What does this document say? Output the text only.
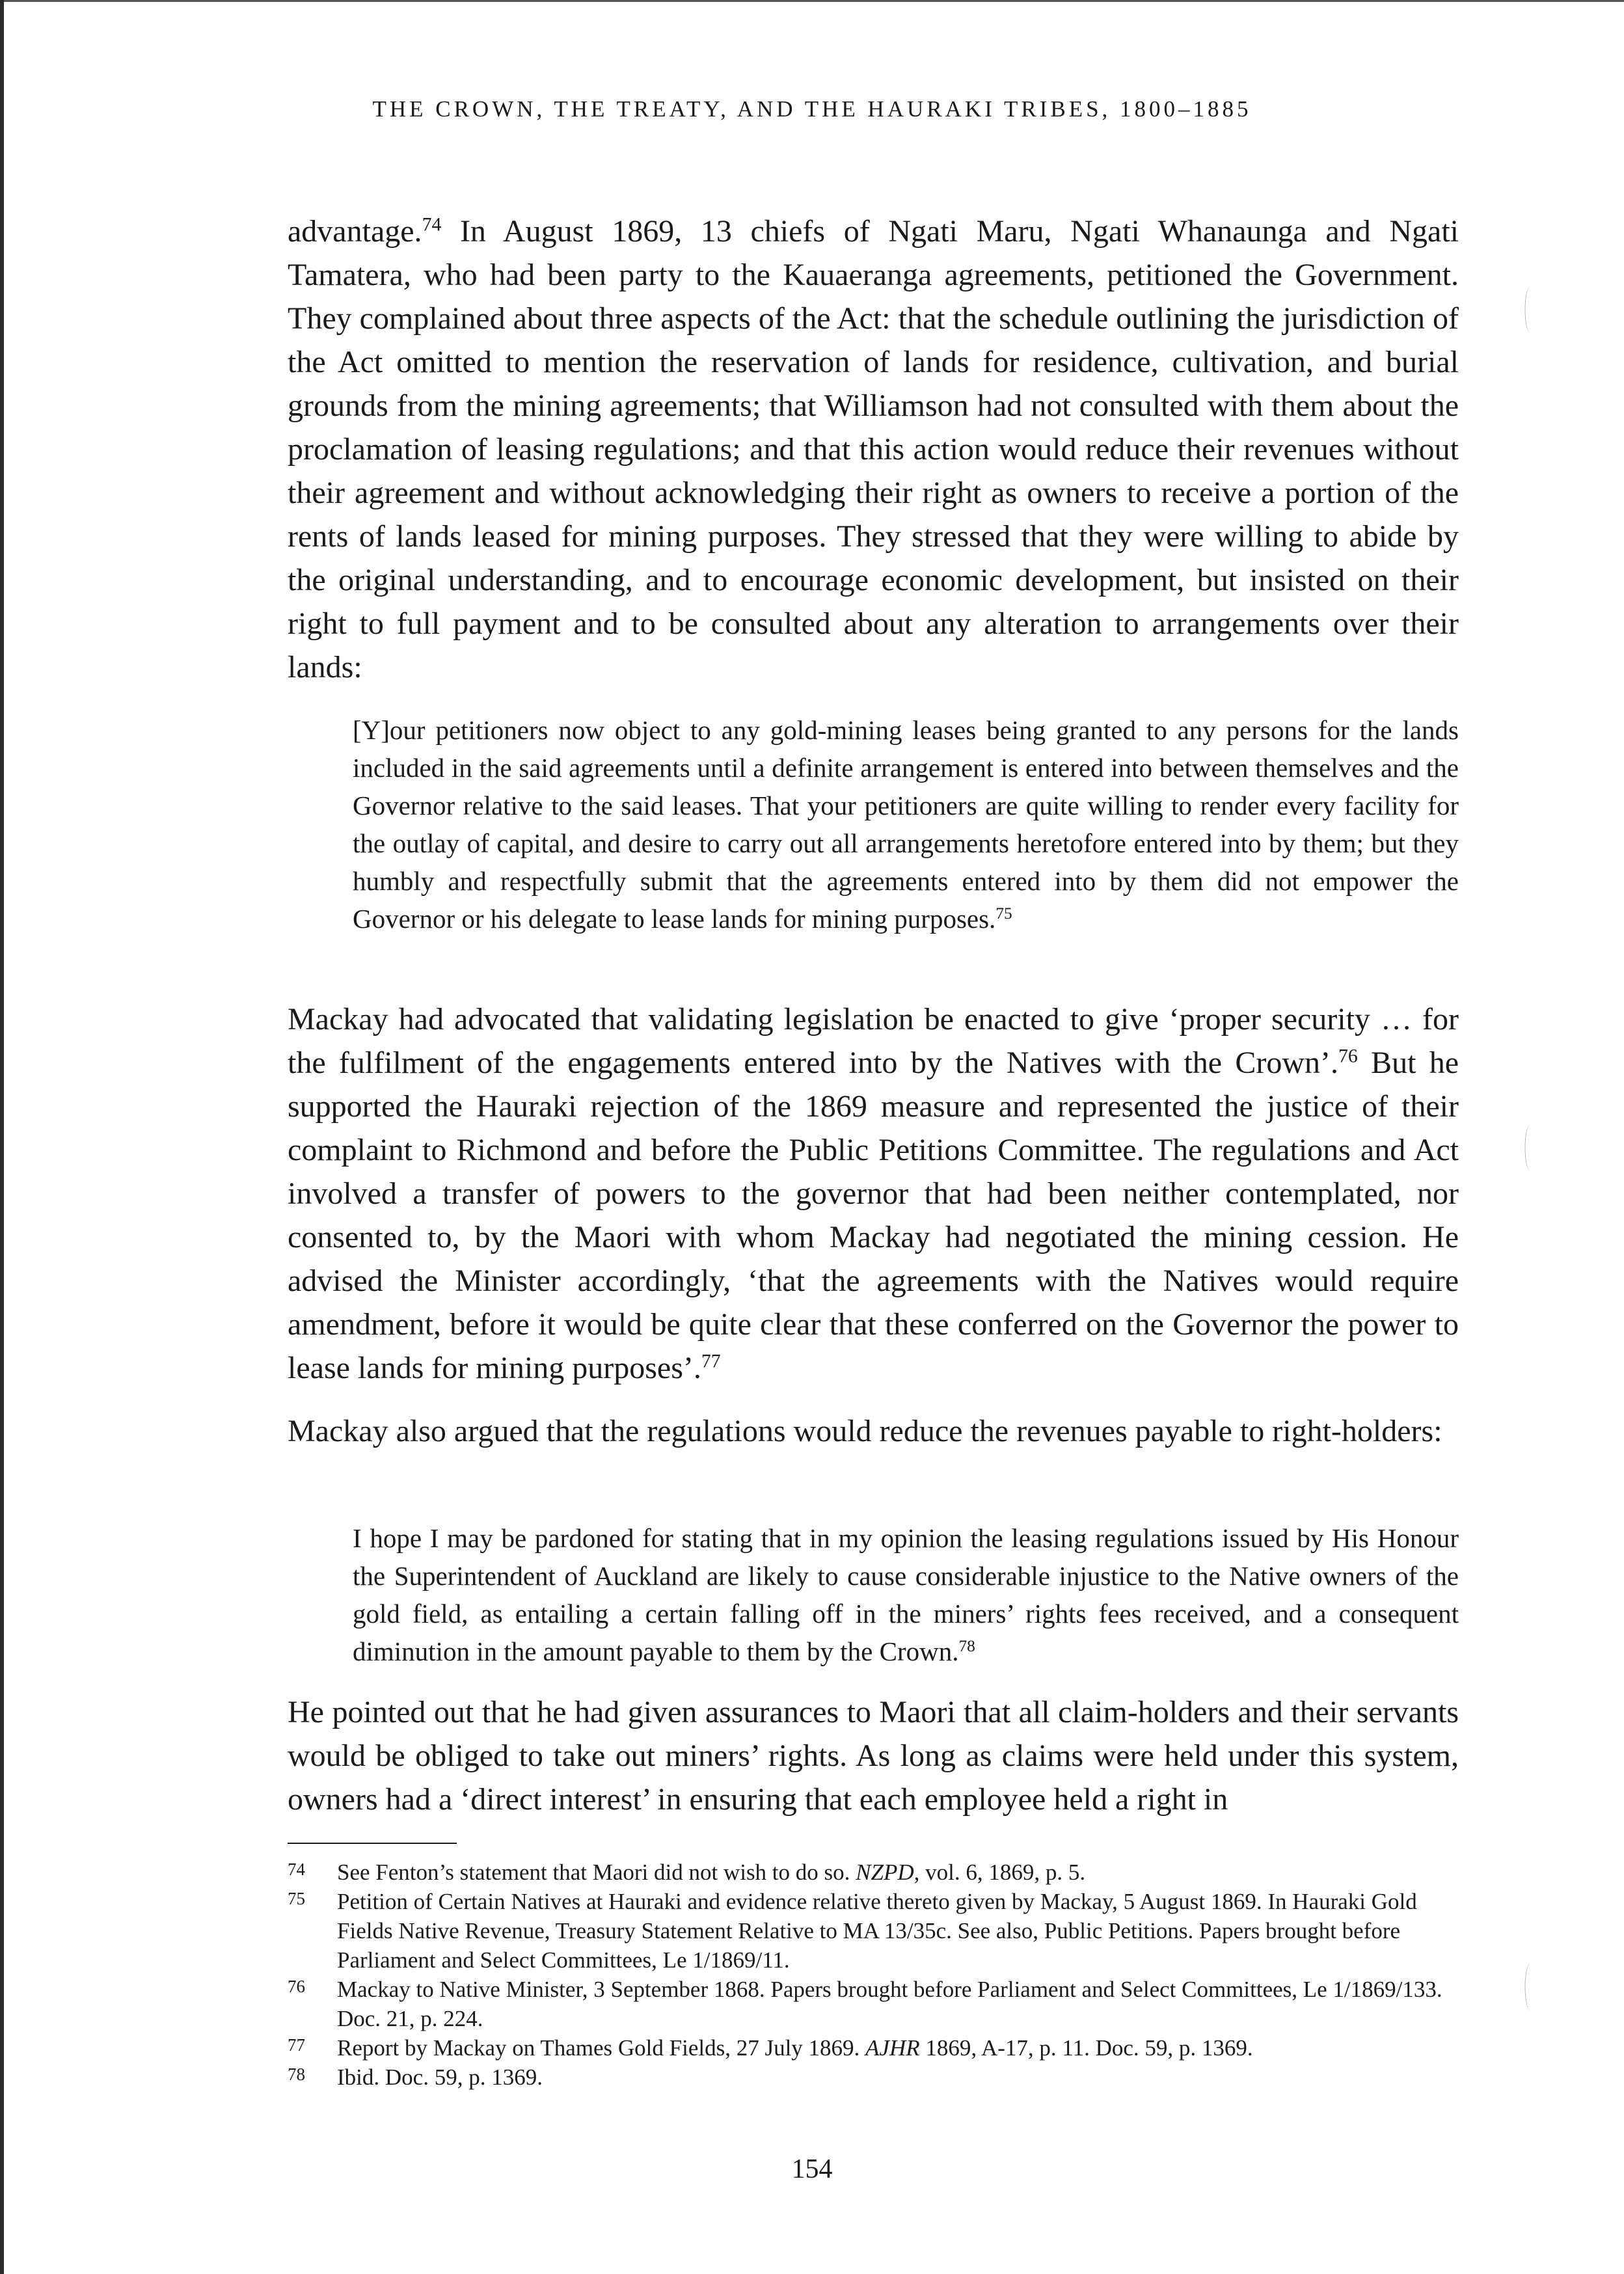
THE CROWN, THE TREATY, AND THE HAURAKI TRIBES, 1800–1885

advantage.$^{74}$ In August 1869, 13 chiefs of Ngati Maru, Ngati Whanaunga and Ngati Tamatera, who had been party to the Kauaeranga agreements, petitioned the Government. They complained about three aspects of the Act: that the schedule outlining the jurisdiction of the Act omitted to mention the reservation of lands for residence, cultivation, and burial grounds from the mining agreements; that Williamson had not consulted with them about the proclamation of leasing regulations; and that this action would reduce their revenues without their agreement and without acknowledging their right as owners to receive a portion of the rents of lands leased for mining purposes. They stressed that they were willing to abide by the original understanding, and to encourage economic development, but insisted on their right to full payment and to be consulted about any alteration to arrangements over their lands:

[Y]our petitioners now object to any gold-mining leases being granted to any persons for the lands included in the said agreements until a definite arrangement is entered into between themselves and the Governor relative to the said leases. That your petitioners are quite willing to render every facility for the outlay of capital, and desire to carry out all arrangements heretofore entered into by them; but they humbly and respectfully submit that the agreements entered into by them did not empower the Governor or his delegate to lease lands for mining purposes.$^{75}$

Mackay had advocated that validating legislation be enacted to give ‘proper security … for the fulfilment of the engagements entered into by the Natives with the Crown’.$^{76}$ But he supported the Hauraki rejection of the 1869 measure and represented the justice of their complaint to Richmond and before the Public Petitions Committee. The regulations and Act involved a transfer of powers to the governor that had been neither contemplated, nor consented to, by the Maori with whom Mackay had negotiated the mining cession. He advised the Minister accordingly, ‘that the agreements with the Natives would require amendment, before it would be quite clear that these conferred on the Governor the power to lease lands for mining purposes’.$^{77}$

Mackay also argued that the regulations would reduce the revenues payable to right-holders:

I hope I may be pardoned for stating that in my opinion the leasing regulations issued by His Honour the Superintendent of Auckland are likely to cause considerable injustice to the Native owners of the gold field, as entailing a certain falling off in the miners’ rights fees received, and a consequent diminution in the amount payable to them by the Crown.$^{78}$

He pointed out that he had given assurances to Maori that all claim-holders and their servants would be obliged to take out miners’ rights. As long as claims were held under this system, owners had a ‘direct interest’ in ensuring that each employee held a right in

74	See Fenton’s statement that Maori did not wish to do so. NZPD, vol. 6, 1869, p. 5.
75	Petition of Certain Natives at Hauraki and evidence relative thereto given by Mackay, 5 August 1869. In Hauraki Gold Fields Native Revenue, Treasury Statement Relative to MA 13/35c. See also, Public Petitions. Papers brought before Parliament and Select Committees, Le 1/1869/11.
76	Mackay to Native Minister, 3 September 1868. Papers brought before Parliament and Select Committees, Le 1/1869/133. Doc. 21, p. 224.
77	Report by Mackay on Thames Gold Fields, 27 July 1869. AJHR 1869, A-17, p. 11. Doc. 59, p. 1369.
78	Ibid. Doc. 59, p. 1369.
154
